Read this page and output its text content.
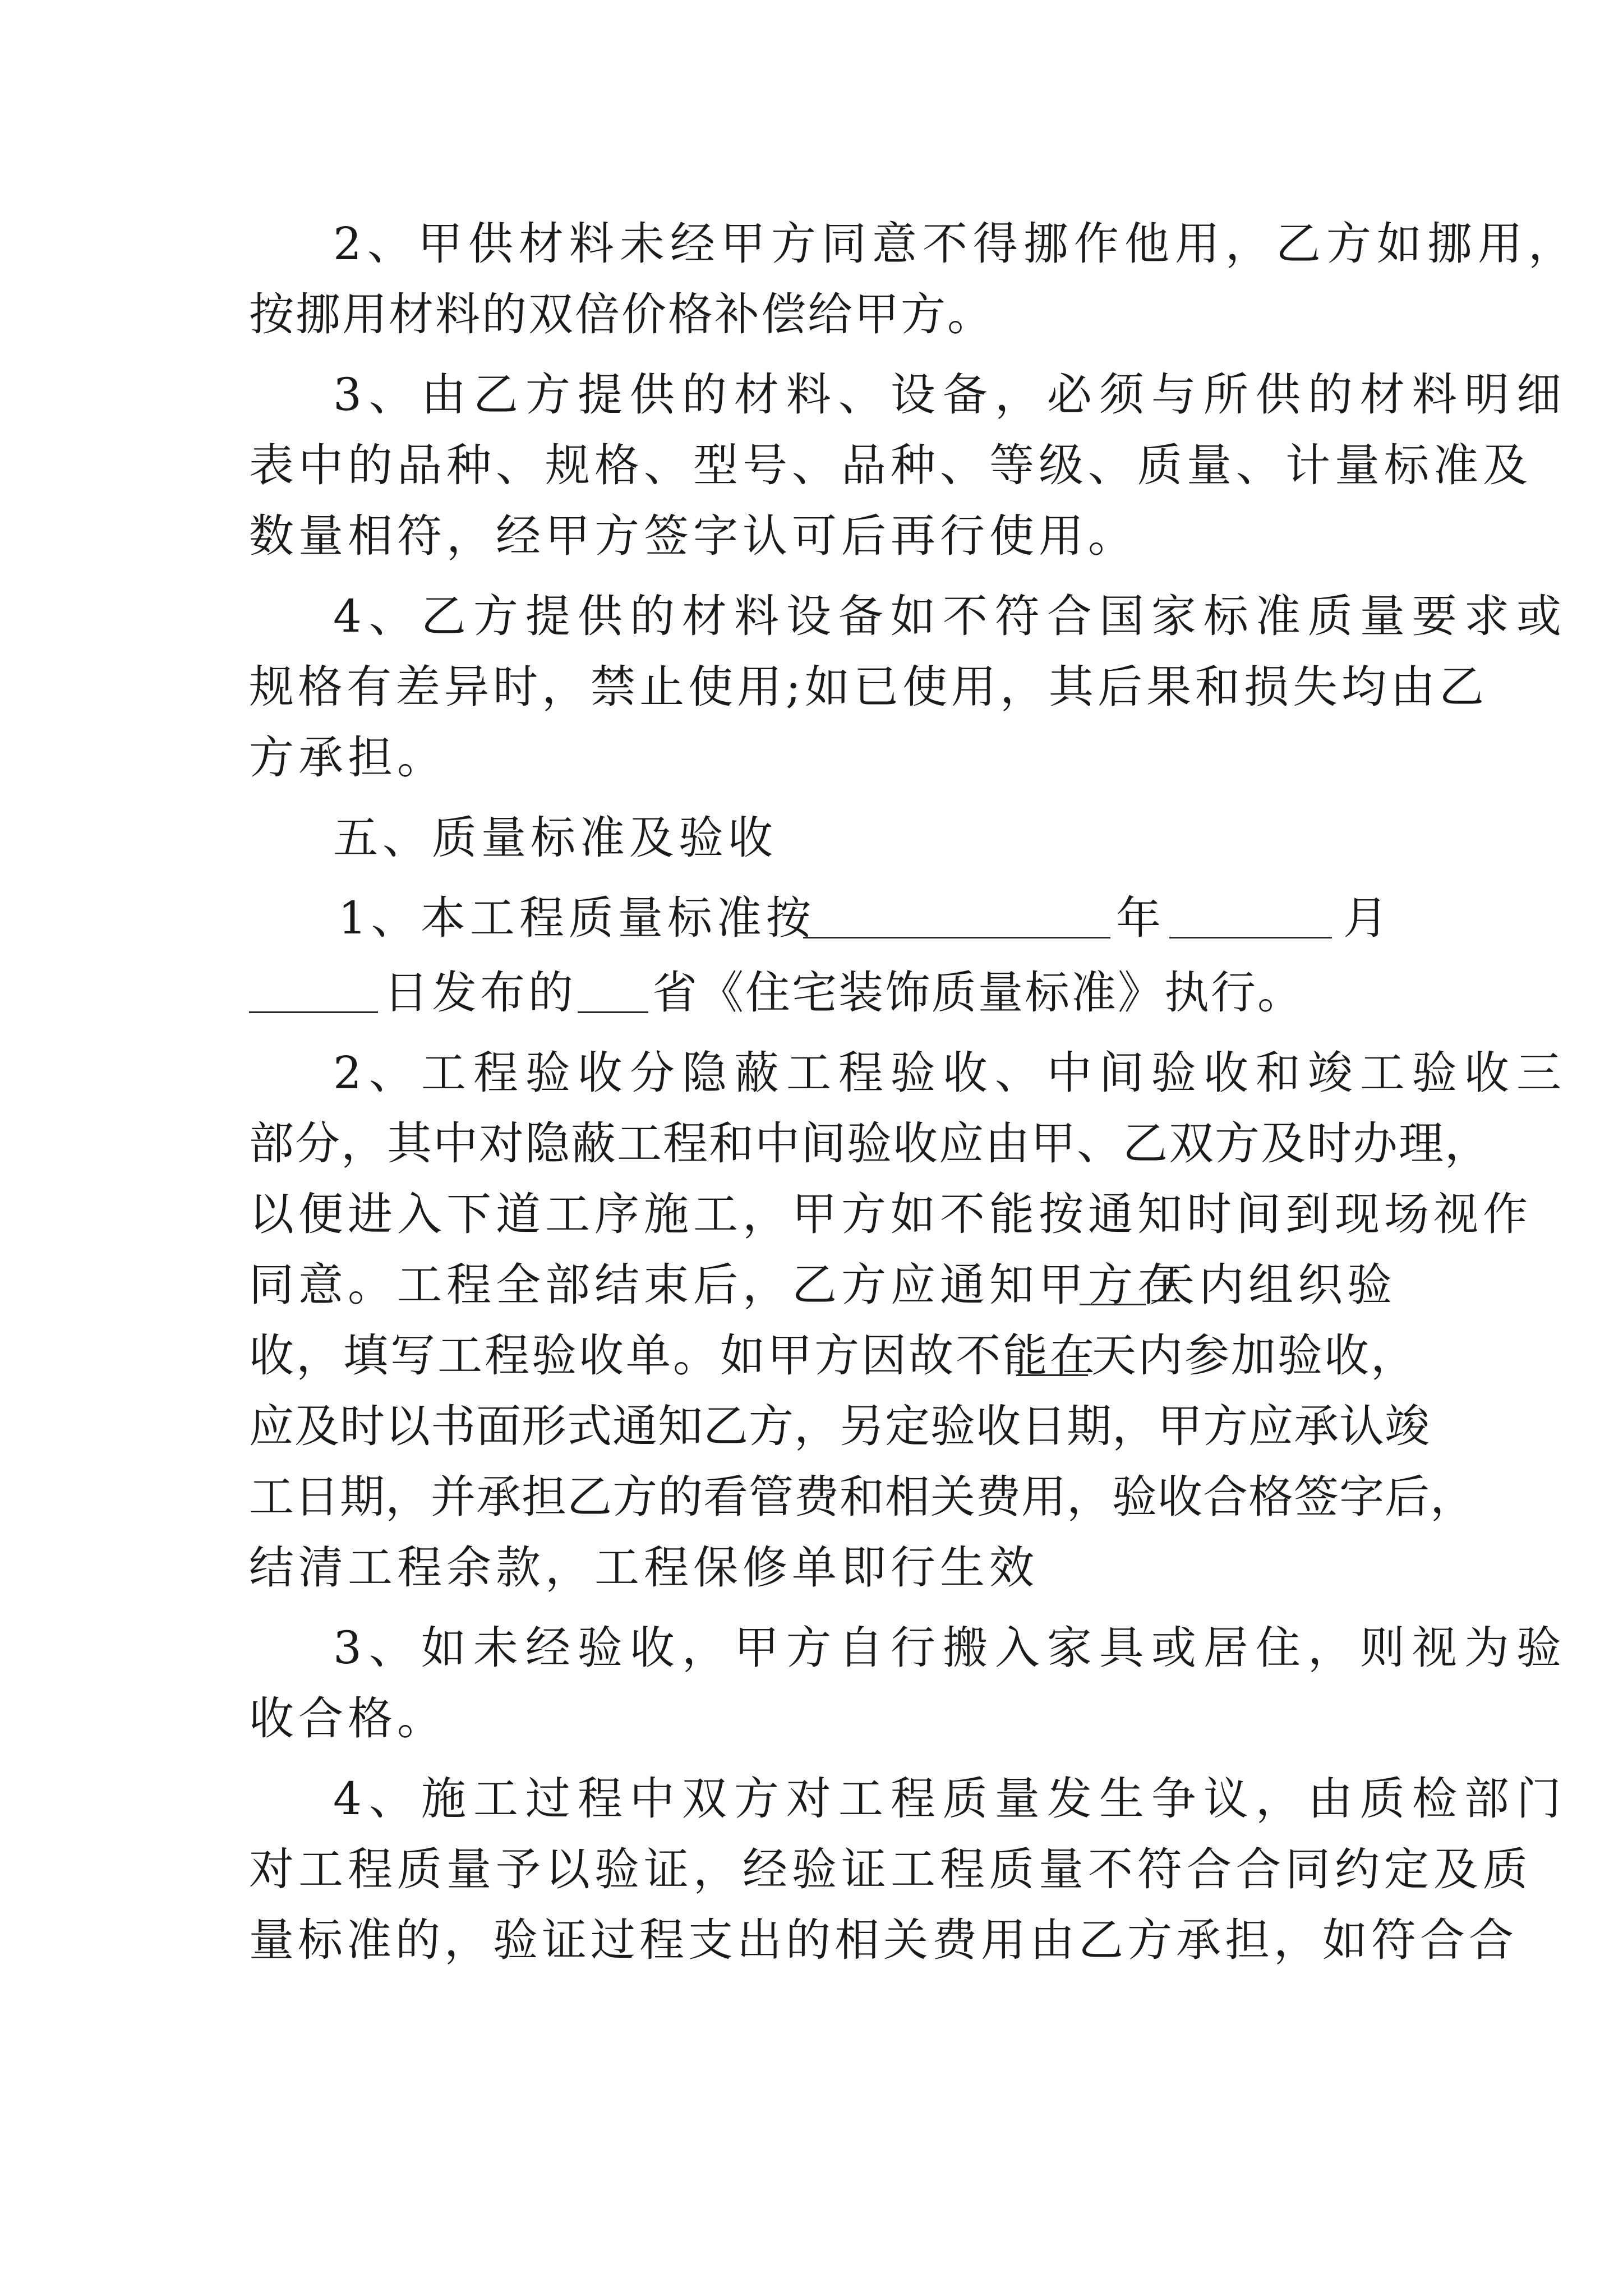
2、甲供材料未经甲方同意不得挪作他用，乙方如挪用，

按挪用材料的双倍价格补偿给甲方。

3、由乙方提供的材料、设备，必须与所供的材料明细

表中的品种、规格、型号、品种、等级、质量、计量标准及

数量相符，经甲方签字认可后再行使用。

4、乙方提供的材料设备如不符合国家标准质量要求或

规格有差异时，禁止使用;如已使用，其后果和损失均由乙

方承担。

五、质量标准及验收

1、本工程质量标准按

	年

	月

日发布的

省《住宅装饰质量标准》执行。

2、工程验收分隐蔽工程验收、中间验收和竣工验收三

部分，其中对隐蔽工程和中间验收应由甲、乙双方及时办理，

以便进入下道工序施工，甲方如不能按通知时间到现场视作

同意。工程全部结束后，乙方应通知甲方在

天内组织验

收，填写工程验收单。如甲方因故不能在

天内参加验收，

应及时以书面形式通知乙方，另定验收日期，甲方应承认竣

工日期，并承担乙方的看管费和相关费用，验收合格签字后，

结清工程余款，工程保修单即行生效

3、如未经验收，甲方自行搬入家具或居住，则视为验

收合格。

4、施工过程中双方对工程质量发生争议，由质检部门

对工程质量予以验证，经验证工程质量不符合合同约定及质

量标准的，验证过程支出的相关费用由乙方承担，如符合合
